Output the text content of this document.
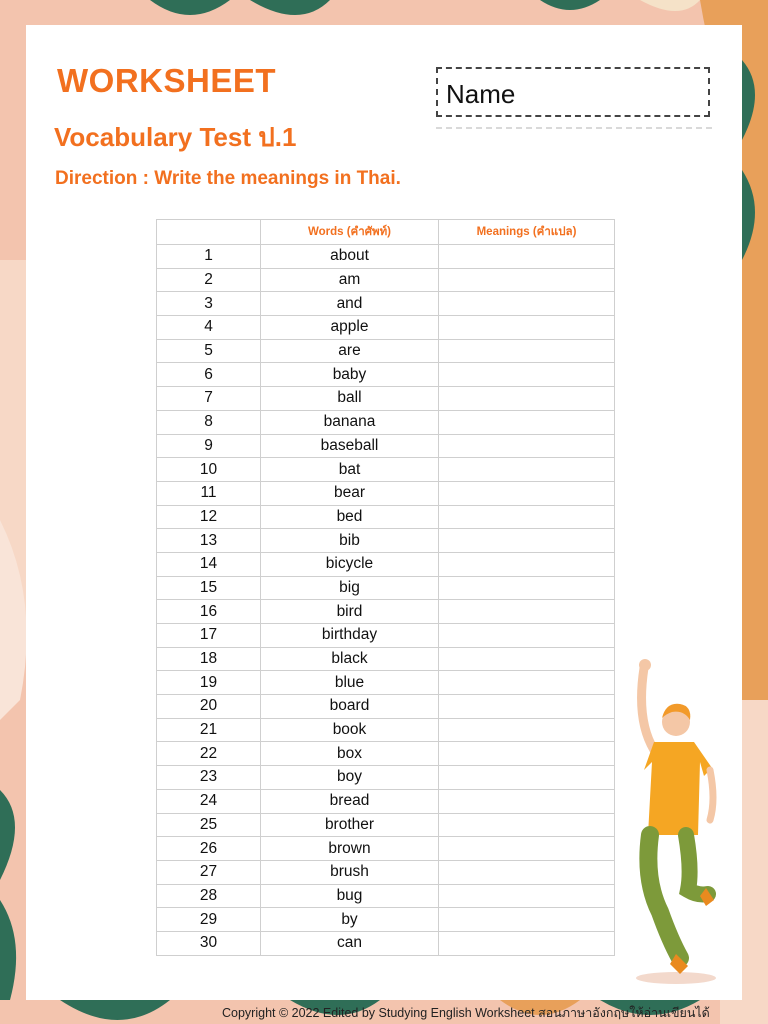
WORKSHEET
Vocabulary Test ป.1

Direction : Write the meanings in Thai.

Name
	Words (คำศัพท์)	Meanings (คำแปล)
1	about	
2	am	
3	and	
4	apple	
5	are	
6	baby	
7	ball	
8	banana	
9	baseball	
10	bat	
11	bear	
12	bed	
13	bib	
14	bicycle	
15	big	
16	bird	
17	birthday	
18	black	
19	blue	
20	board	
21	book	
22	box	
23	boy	
24	bread	
25	brother	
26	brown	
27	brush	
28	bug	
29	by	
30	can	

Copyright © 2022 Edited by Studying English Worksheet สอนภาษาอังกฤษให้อ่านเขียนได้
